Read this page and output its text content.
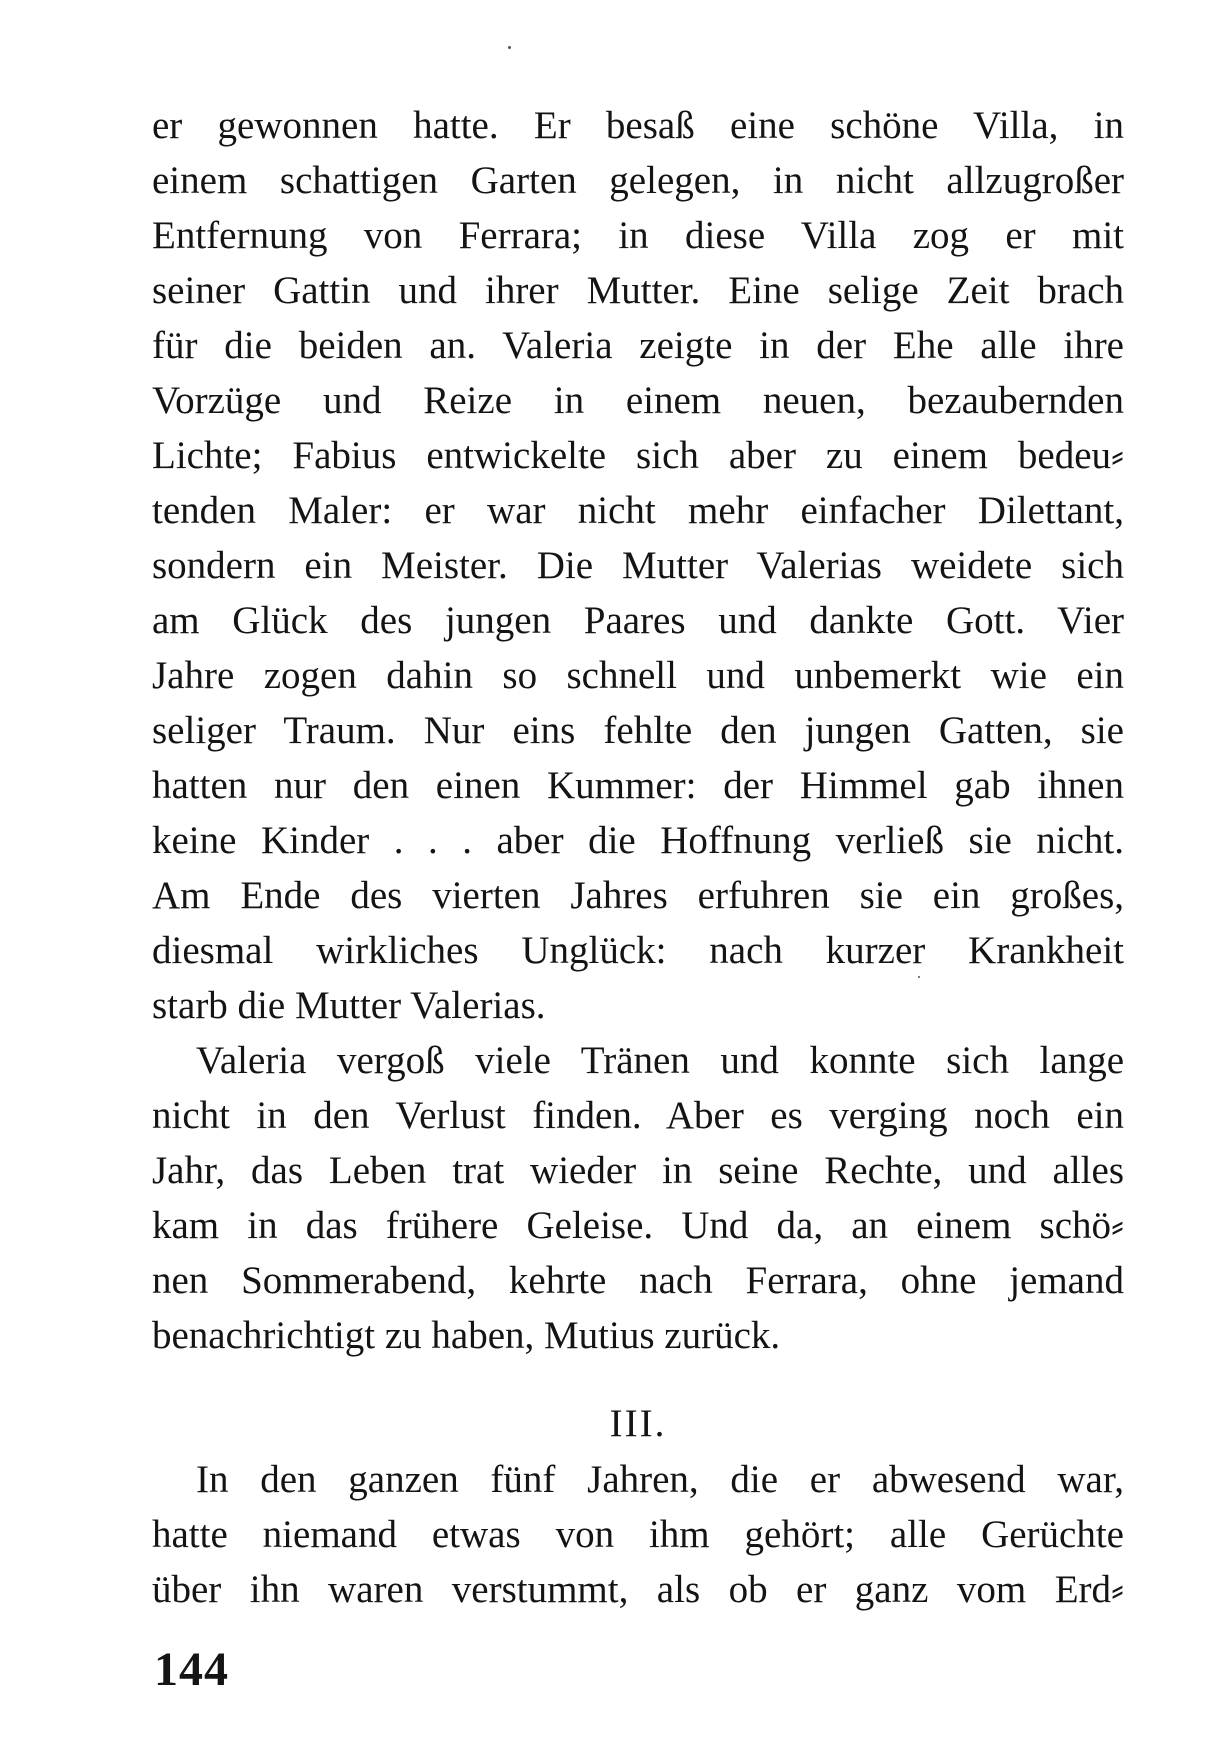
er gewonnen hatte. Er besaß eine schöne Villa, in
einem schattigen Garten gelegen, in nicht allzugroßer
Entfernung von Ferrara; in diese Villa zog er mit
seiner Gattin und ihrer Mutter. Eine selige Zeit brach
für die beiden an. Valeria zeigte in der Ehe alle ihre
Vorzüge und Reize in einem neuen, bezaubernden
Lichte; Fabius entwickelte sich aber zu einem bedeu⸗
tenden Maler: er war nicht mehr einfacher Dilettant,
sondern ein Meister. Die Mutter Valerias weidete sich
am Glück des jungen Paares und dankte Gott. Vier
Jahre zogen dahin so schnell und unbemerkt wie ein
seliger Traum. Nur eins fehlte den jungen Gatten, sie
hatten nur den einen Kummer: der Himmel gab ihnen
keine Kinder . . . aber die Hoffnung verließ sie nicht.
Am Ende des vierten Jahres erfuhren sie ein großes,
diesmal wirkliches Unglück: nach kurzer Krankheit
starb die Mutter Valerias.
Valeria vergoß viele Tränen und konnte sich lange
nicht in den Verlust finden. Aber es verging noch ein
Jahr, das Leben trat wieder in seine Rechte, und alles
kam in das frühere Geleise. Und da, an einem schö⸗
nen Sommerabend, kehrte nach Ferrara, ohne jemand
benachrichtigt zu haben, Mutius zurück.
III.
In den ganzen fünf Jahren, die er abwesend war,
hatte niemand etwas von ihm gehört; alle Gerüchte
über ihn waren verstummt, als ob er ganz vom Erd⸗
144
